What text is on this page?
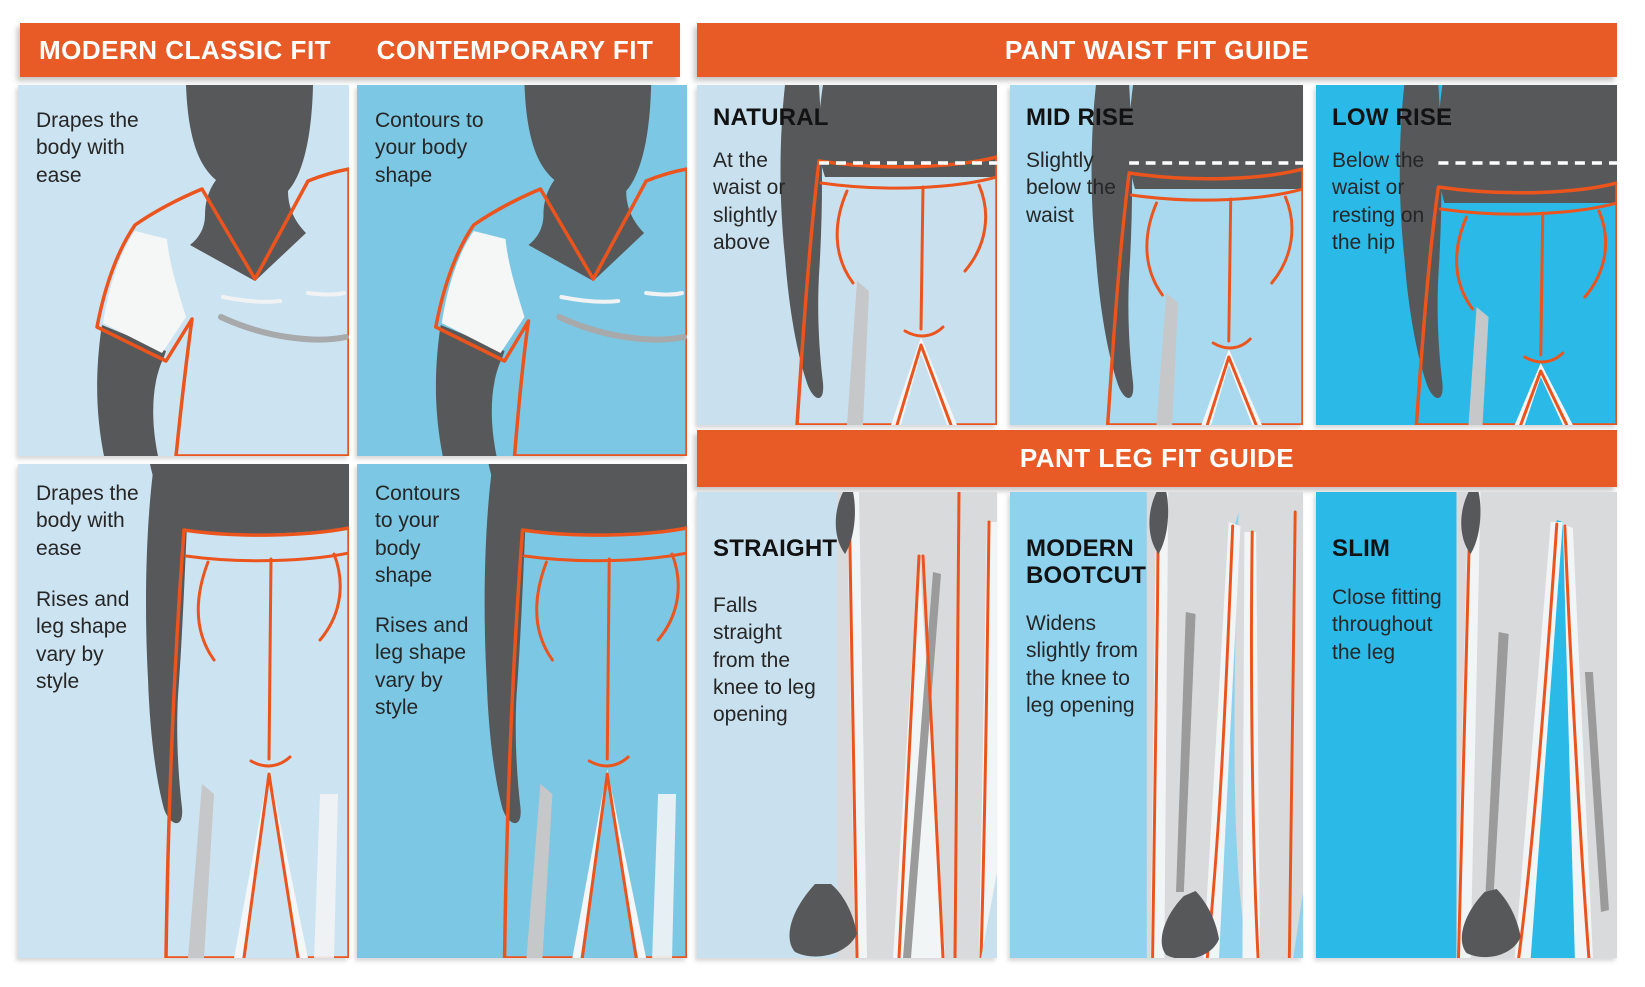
MODERN CLASSIC FIT	CONTEMPORARY FIT	PANT WAIST FIT GUIDE
PANT LEG FIT GUIDE
Drapes the body with ease
Contours to your body shape
Drapes the body with ease
Rises and leg shape vary by style
Contours to your body shape
Rises and leg shape vary by style
NATURAL
At the waist or slightly above
MID RISE
Slightly below the waist
LOW RISE
Below the waist or resting on the hip
STRAIGHT
Falls straight from the knee to leg opening
MODERN BOOTCUT
Widens slightly from the knee to leg opening
SLIM
Close fitting throughout the leg
